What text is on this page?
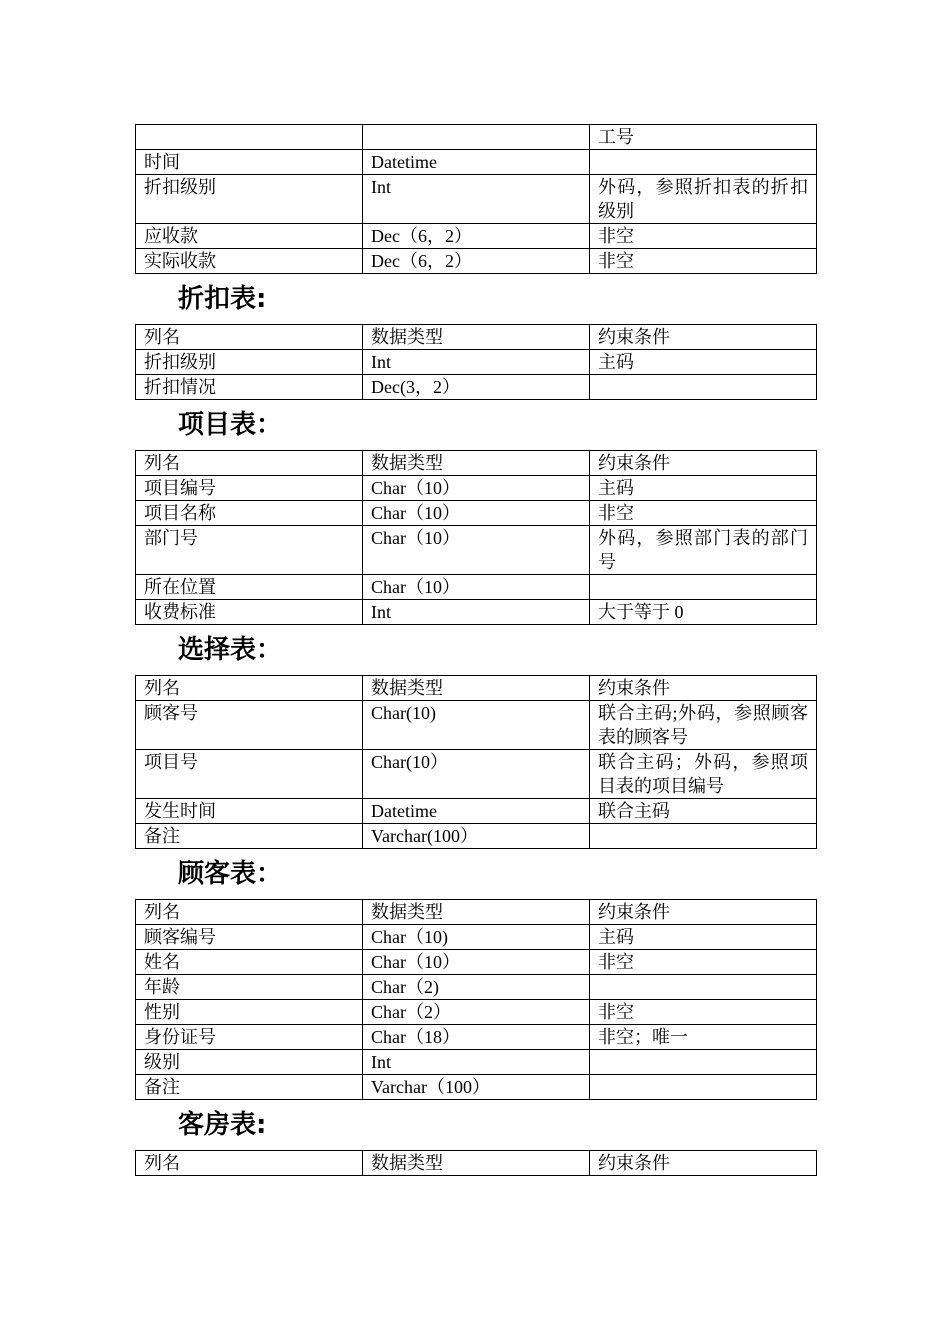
		工号
时间	Datetime	
折扣级别	Int	外码，参照折扣表的折扣级别
应收款	Dec（6，2）	非空
实际收款	Dec（6，2）	非空
折扣表:
列名	数据类型	约束条件
折扣级别	Int	主码
折扣情况	Dec(3，2）	
项目表：
列名	数据类型	约束条件
项目编号	Char（10）	主码
项目名称	Char（10）	非空
部门号	Char（10）	外码，参照部门表的部门号
所在位置	Char（10）	
收费标准	Int	大于等于 0
选择表：
列名	数据类型	约束条件
顾客号	Char(10)	联合主码;外码，参照顾客表的顾客号
项目号	Char(10）	联合主码；外码，参照项目表的项目编号
发生时间	Datetime	联合主码
备注	Varchar(100）	
顾客表：
列名	数据类型	约束条件
顾客编号	Char（10)	主码
姓名	Char（10）	非空
年龄	Char（2)	
性别	Char（2）	非空
身份证号	Char（18）	非空；唯一
级别	Int	
备注	Varchar（100）	
客房表:
列名	数据类型	约束条件
